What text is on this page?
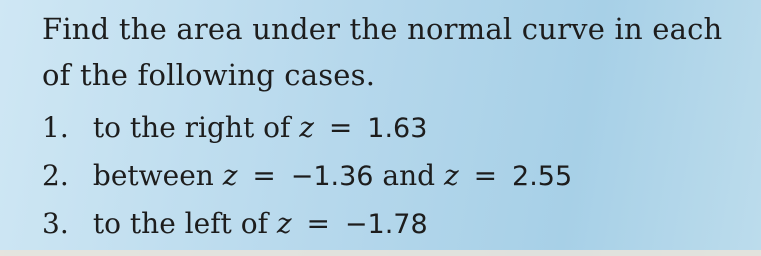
Find the area under the normal curve in each of the following cases.

1. to the right of z = 1.63
2. between z = −1.36 and z = 2.55
3. to the left of z = −1.78
